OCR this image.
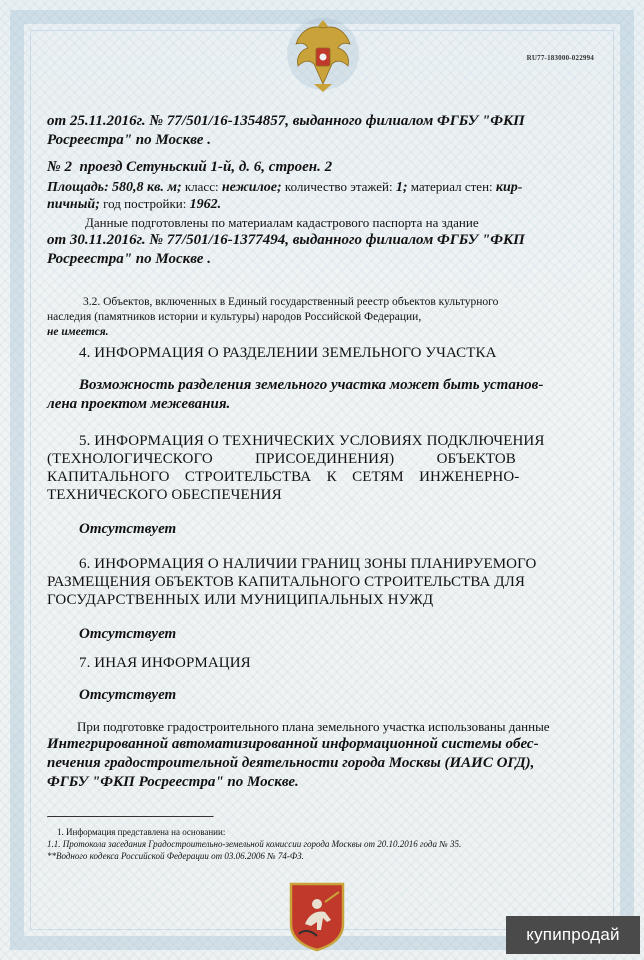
RU77-183000-022994

от 25.11.2016г. № 77/501/16-1354857, выданного филиалом ФГБУ "ФКП

Росреестра" по Москве .

№ 2 проезд Сетуньский 1-й, д. 6, строен. 2

Площадь: 580,8 кв. м; класс: нежилое; количество этажей: 1; материал стен: кир-

пичный; год постройки: 1962.

Данные подготовлены по материалам кадастрового паспорта на здание

от 30.11.2016г. № 77/501/16-1377494, выданного филиалом ФГБУ "ФКП

Росреестра" по Москве .

3.2. Объектов, включенных в Единый государственный реестр объектов культурного

наследия (памятников истории и культуры) народов Российской Федерации,

не имеется.

4. ИНФОРМАЦИЯ О РАЗДЕЛЕНИИ ЗЕМЕЛЬНОГО УЧАСТКА

Возможность разделения земельного участка может быть установ-

лена проектом межевания.

5. ИНФОРМАЦИЯ О ТЕХНИЧЕСКИХ УСЛОВИЯХ ПОДКЛЮЧЕНИЯ

(ТЕХНОЛОГИЧЕСКОГО           ПРИСОЕДИНЕНИЯ)           ОБЪЕКТОВ

КАПИТАЛЬНОГО    СТРОИТЕЛЬСТВА    К    СЕТЯМ    ИНЖЕНЕРНО-

ТЕХНИЧЕСКОГО ОБЕСПЕЧЕНИЯ

Отсутствует

6. ИНФОРМАЦИЯ О НАЛИЧИИ ГРАНИЦ ЗОНЫ ПЛАНИРУЕМОГО

РАЗМЕЩЕНИЯ ОБЪЕКТОВ КАПИТАЛЬНОГО СТРОИТЕЛЬСТВА ДЛЯ

ГОСУДАРСТВЕННЫХ ИЛИ МУНИЦИПАЛЬНЫХ НУЖД

Отсутствует

7. ИНАЯ ИНФОРМАЦИЯ

Отсутствует

При подготовке градостроительного плана земельного участка использованы данные

Интегрированной автоматизированной информационной системы обес-

печения градостроительной деятельности города Москвы (ИАИС ОГД),

ФГБУ "ФКП Росреестра" по Москве.

1. Информация представлена на основании:

1.1. Протокола заседания Градостроительно-земельной комиссии города Москвы от 20.10.2016 года № 35.

**Водного кодекса Российской Федерации от 03.06.2006 № 74-ФЗ.

купипродай
